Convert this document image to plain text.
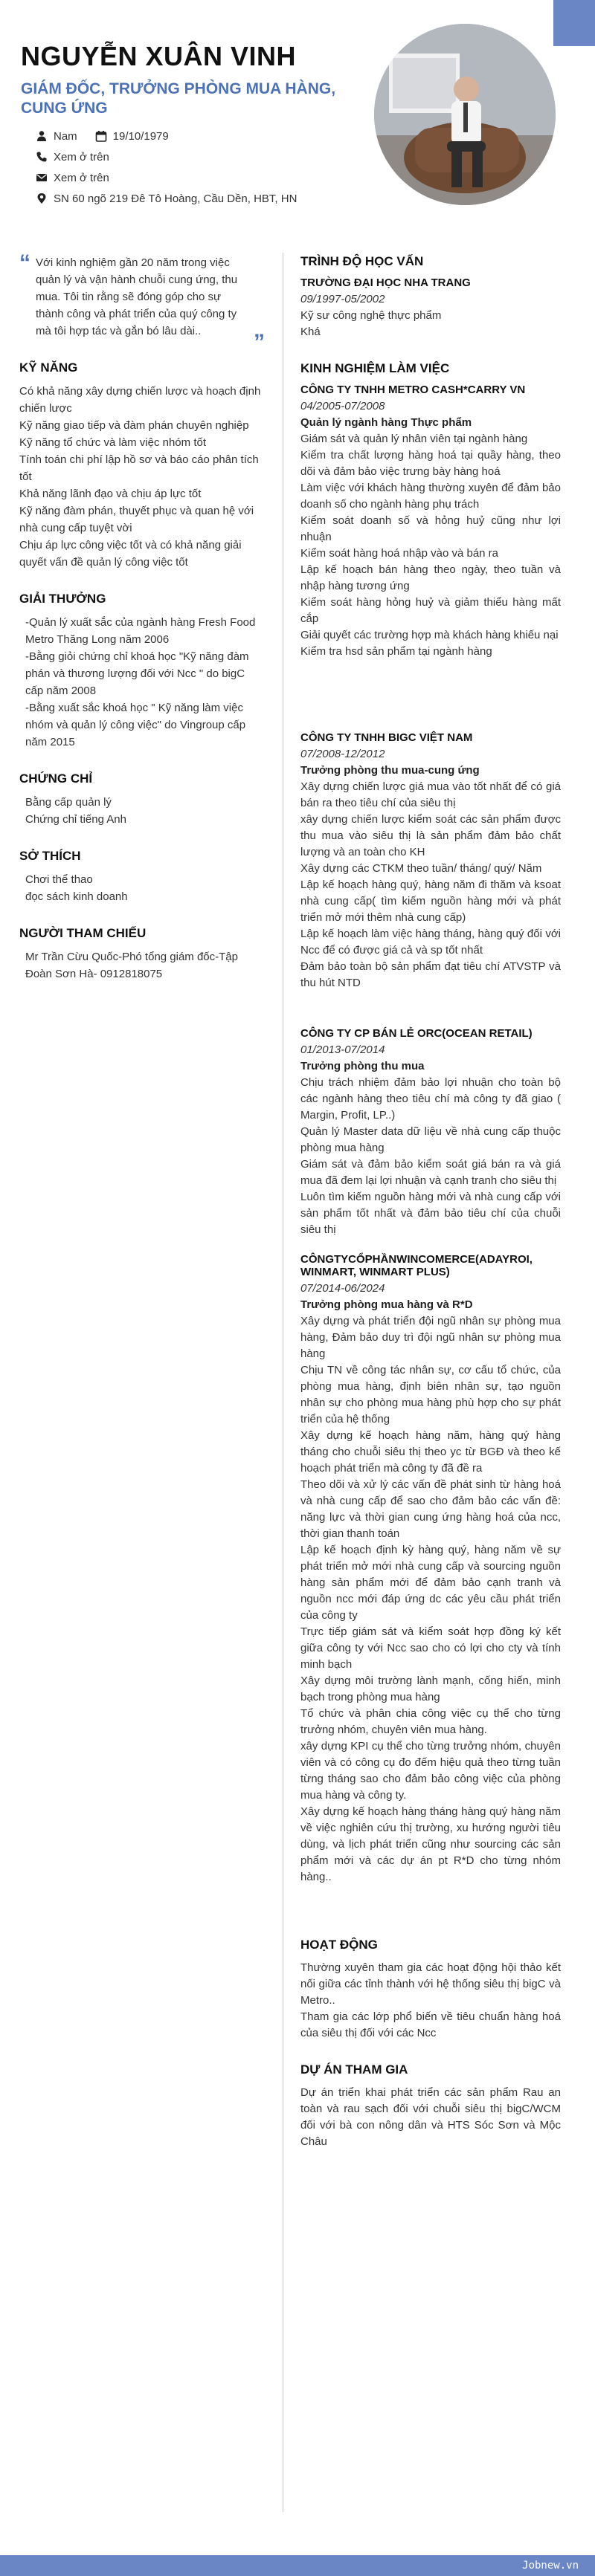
NGUYỄN XUÂN VINH
GIÁM ĐỐC, TRƯỞNG PHÒNG MUA HÀNG, CUNG ỨNG
Nam	19/10/1979
Xem ở trên
Xem ở trên
SN 60 ngõ 219 Đê Tô Hoàng, Cầu Dền, HBT, HN
“ Với kinh nghiệm gần 20 năm trong việc quản lý và vận hành chuỗi cung ứng, thu mua. Tôi tin rằng sẽ đóng góp cho sự thành công và phát triển của quý công ty mà tôi hợp tác và gắn bó lâu dài.. ”
KỸ NĂNG
Có khả năng xây dựng chiến lược và hoạch định chiến lược
Kỹ năng giao tiếp và đàm phán chuyên nghiệp
Kỹ năng tổ chức và làm việc nhóm tốt
Tính toán chi phí lập hồ sơ và báo cáo phân tích tốt
Khả năng lãnh đạo và chịu áp lực tốt
Kỹ năng đàm phán, thuyết phục và quan hệ với nhà cung cấp tuyệt vời
Chịu áp lực công việc tốt và có khả năng giải quyết vấn đề quản lý công việc tốt
GIẢI THƯỞNG
-Quản lý xuất sắc của ngành hàng Fresh Food Metro Thăng Long năm 2006
-Bằng giỏi chứng chỉ khoá học "Kỹ năng đàm phán và thương lượng đối với Ncc " do bigC cấp năm 2008
-Bằng xuất sắc khoá học " Kỹ năng làm việc nhóm và quản lý công việc" do Vingroup cấp năm 2015
CHỨNG CHỈ
Bằng cấp quản lý
Chứng chỉ tiếng Anh
SỞ THÍCH
Chơi thể thao
đọc sách kinh doanh
NGƯỜI THAM CHIẾU
Mr Trần Cừu Quốc-Phó tổng giám đốc-Tập Đoàn Sơn Hà- 0912818075
TRÌNH ĐỘ HỌC VẤN
TRƯỜNG ĐẠI HỌC NHA TRANG
09/1997-05/2002
Kỹ sư công nghệ thực phẩm
Khá
KINH NGHIỆM LÀM VIỆC
CÔNG TY TNHH METRO CASH*CARRY VN
04/2005-07/2008
Quản lý ngành hàng Thực phẩm
Giám sát và quản lý nhân viên tại ngành hàng
Kiểm tra chất lượng hàng hoá tại quầy hàng, theo dõi và đảm bảo việc trưng bày hàng hoá
Làm việc với khách hàng thường xuyên để đảm bảo doanh số cho ngành hàng phụ trách
Kiểm soát doanh số và hỏng huỷ cũng như lợi nhuận
Kiểm soát hàng hoá nhập vào và bán ra
Lập kế hoạch bán hàng theo ngày, theo tuần và nhập hàng tương ứng
Kiểm soát hàng hỏng huỷ và giảm thiểu hàng mất cắp
Giải quyết các trường hợp mà khách hàng khiếu nại
Kiểm tra hsd sản phẩm tại ngành hàng
CÔNG TY TNHH BIGC VIỆT NAM
07/2008-12/2012
Trưởng phòng thu mua-cung ứng
Xây dựng chiến lược giá mua vào tốt nhất để có giá bán ra theo tiêu chí của siêu thị
xây dựng chiến lược kiểm soát các sản phẩm được thu mua vào siêu thị là sản phẩm đảm bảo chất lượng và an toàn cho KH
Xây dựng các CTKM theo tuần/ tháng/ quý/ Năm
Lập kế hoạch hàng quý, hàng năm đi thăm và ksoat nhà cung cấp( tìm kiếm nguồn hàng mới và phát triển mở mới thêm nhà cung cấp)
Lập kế hoạch làm việc hàng tháng, hàng quý đối với Ncc để có được giá cả và sp tốt nhất
Đảm bảo toàn bộ sản phẩm đạt tiêu chí ATVSTP và thu hút NTD
CÔNG TY CP BÁN LẺ ORC(OCEAN RETAIL)
01/2013-07/2014
Trưởng phòng thu mua
Chịu trách nhiệm đảm bảo lợi nhuận cho toàn bộ các ngành hàng theo tiêu chí mà công ty đã giao ( Margin, Profit, LP..)
Quản lý Master data dữ liệu về nhà cung cấp thuộc phòng mua hàng
Giám sát và đảm bảo kiểm soát giá bán ra và giá mua đã đem lại lợi nhuận và cạnh tranh cho siêu thị
Luôn tìm kiếm nguồn hàng mới và nhà cung cấp với sản phẩm tốt nhất và đảm bảo tiêu chí của chuỗi siêu thị
CÔNGTYCỔPHẦNWINCOMERCE(ADAYROI, WINMART, WINMART PLUS)
07/2014-06/2024
Trưởng phòng mua hàng và R*D
Xây dựng và phát triển đội ngũ nhân sự phòng mua hàng, Đảm bảo duy trì đội ngũ nhân sự phòng mua hàng
Chịu TN về công tác nhân sự, cơ cấu tổ chức, của phòng mua hàng, định biên nhân sự, tạo nguồn nhân sự cho phòng mua hàng phù hợp cho sự phát triển của hệ thống
Xây dựng kế hoạch hàng năm, hàng quý hàng tháng cho chuỗi siêu thị theo yc từ BGĐ và theo kế hoạch phát triển mà công ty đã đề ra
Theo dõi và xử lý các vấn đề phát sinh từ hàng hoá và nhà cung cấp để sao cho đảm bảo các vấn đề: năng lực và thời gian cung ứng hàng hoá của ncc, thời gian thanh toán
Lập kế hoạch định kỳ hàng quý, hàng năm về sự phát triển mở mới nhà cung cấp và sourcing nguồn hàng sản phẩm mới để đảm bảo cạnh tranh và nguồn ncc mới đáp ứng dc các yêu cầu phát triển của công ty
Trực tiếp giám sát và kiểm soát hợp đồng ký kết giữa công ty với Ncc sao cho có lợi cho cty và tính minh bạch
Xây dựng môi trường lành mạnh, cống hiến, minh bạch trong phòng mua hàng
Tổ chức và phân chia công việc cụ thể cho từng trưởng nhóm, chuyên viên mua hàng.
xây dựng KPI cụ thể cho từng trưởng nhóm, chuyên viên và có công cụ đo đếm hiệu quả theo từng tuần từng tháng sao cho đảm bảo công việc của phòng mua hàng và công ty.
Xây dựng kế hoạch hàng tháng hàng quý hàng năm về việc nghiên cứu thị trường, xu hướng người tiêu dùng, và lịch phát triển cũng như sourcing các sản phẩm mới và các dự án pt R*D cho từng nhóm hàng..
HOẠT ĐỘNG
Thường xuyên tham gia các hoạt động hội thảo kết nối giữa các tỉnh thành với hệ thống siêu thị bigC và Metro..
Tham gia các lớp phổ biến về tiêu chuẩn hàng hoá của siêu thị đối với các Ncc
DỰ ÁN THAM GIA
Dự án triển khai phát triển các sản phẩm Rau an toàn và rau sạch đối với chuỗi siêu thị bigC/WCM đối với bà con nông dân và HTS Sóc Sơn và Mộc Châu
Jobnew.vn
